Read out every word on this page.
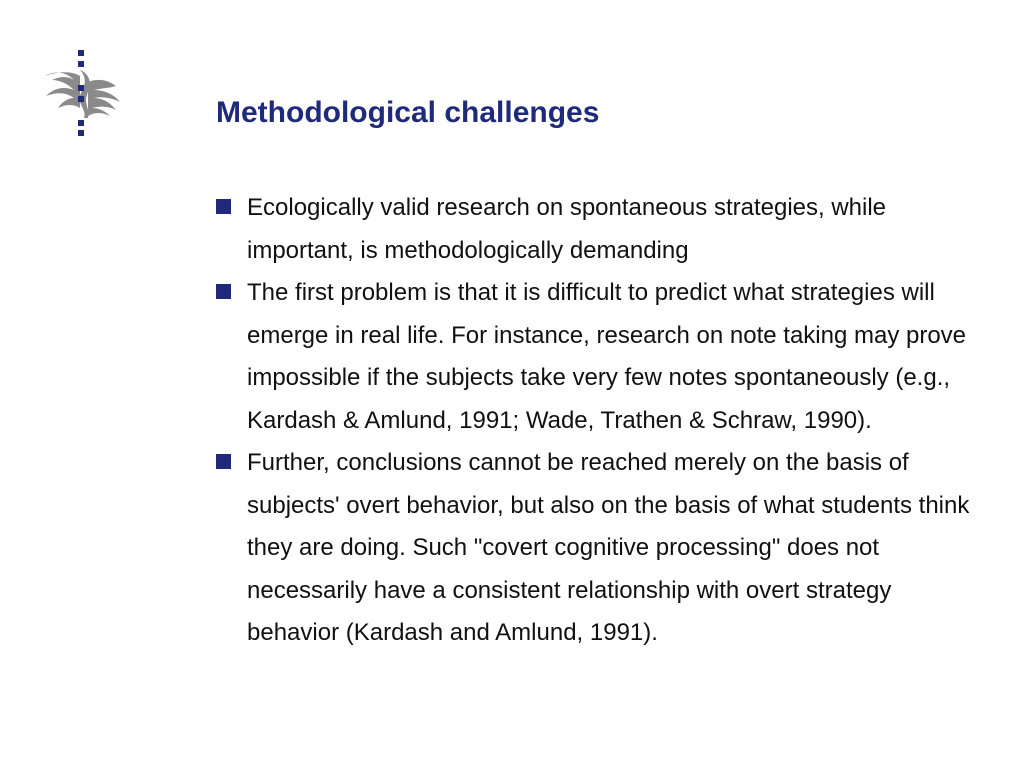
Methodological challenges
Ecologically valid research on spontaneous strategies, while important, is methodologically demanding
The first problem is that it is difficult to predict what strategies will emerge in real life. For instance, research on note taking may prove impossible if the subjects take very few notes spontaneously (e.g., Kardash & Amlund, 1991; Wade, Trathen & Schraw, 1990).
Further, conclusions cannot be reached merely on the basis of subjects' overt behavior, but also on the basis of what students think they are doing. Such "covert cognitive processing" does not necessarily have a consistent relationship with overt strategy behavior (Kardash and Amlund, 1991).
